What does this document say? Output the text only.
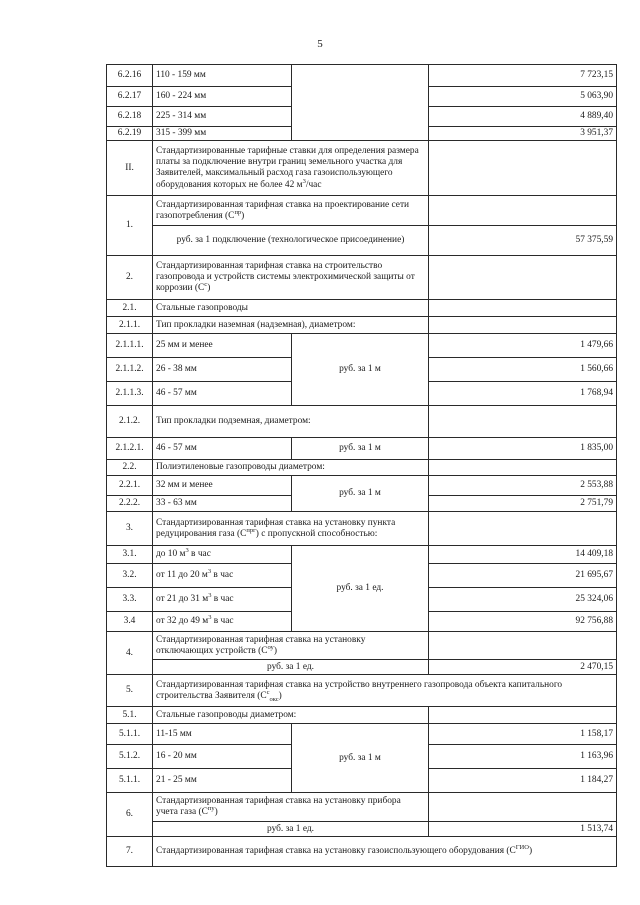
5
6.2.16	110 - 159 мм		7 723,15
6.2.17	160 - 224 мм		5 063,90
6.2.18	225 - 314 мм		4 889,40
6.2.19	315 - 399 мм		3 951,37
II.	Стандартизированные тарифные ставки для определения размера платы за подключение внутри границ земельного участка для Заявителей, максимальный расход газа газоиспользующего оборудования которых не более 42 $м^3$/час		
1.	Стандартизированная тарифная ставка на проектирование сети газопотребления $(С^{пр})$		
	руб. за 1 подключение (технологическое присоединение)		57 375,59
2.	Стандартизированная тарифная ставка на строительство газопровода и устройств системы электрохимической защиты от коррозии $(С^с)$		
2.1.	Стальные газопроводы		
2.1.1.	Тип прокладки наземная (надземная), диаметром:		
2.1.1.1.	25 мм и менее	руб. за 1 м	1 479,66
2.1.1.2.	26 - 38 мм		1 560,66
2.1.1.3.	46 - 57 мм		1 768,94
2.1.2.	Тип прокладки подземная, диаметром:		
2.1.2.1.	46 - 57 мм	руб. за 1 м	1 835,00
2.2.	Полиэтиленовые газопроводы диаметром:		
2.2.1.	32 мм и менее	руб. за 1 м	2 553,88
2.2.2.	33 - 63 мм		2 751,79
3.	Стандартизированная тарифная ставка на установку пункта редуцирования газа $(С^{прг})$ с пропускной способностью:		
3.1.	до 10 $м^3$ в час	руб. за 1 ед.	14 409,18
3.2.	от 11 до 20 $м^3$ в час		21 695,67
3.3.	от 21 до 31 $м^3$ в час		25 324,06
3.4	от 32 до 49 $м^3$ в час		92 756,88
4.	Стандартизированная тарифная ставка на установку отключающих устройств $(С^{оу})$		
	руб. за 1 ед.		2 470,15
5.	Стандартизированная тарифная ставка на устройство внутреннего газопровода объекта капитального строительства Заявителя $(С^с_{окс})$		
5.1.	Стальные газопроводы диаметром:		
5.1.1.	11-15 мм	руб. за 1 м	1 158,17
5.1.2.	16 - 20 мм		1 163,96
5.1.1.	21 - 25 мм		1 184,27
6.	Стандартизированная тарифная ставка на установку прибора учета газа $(С^{пу})$		
	руб. за 1 ед.		1 513,74
7.	Стандартизированная тарифная ставка на установку газоиспользующего оборудования $(С^{ГИО})$		
